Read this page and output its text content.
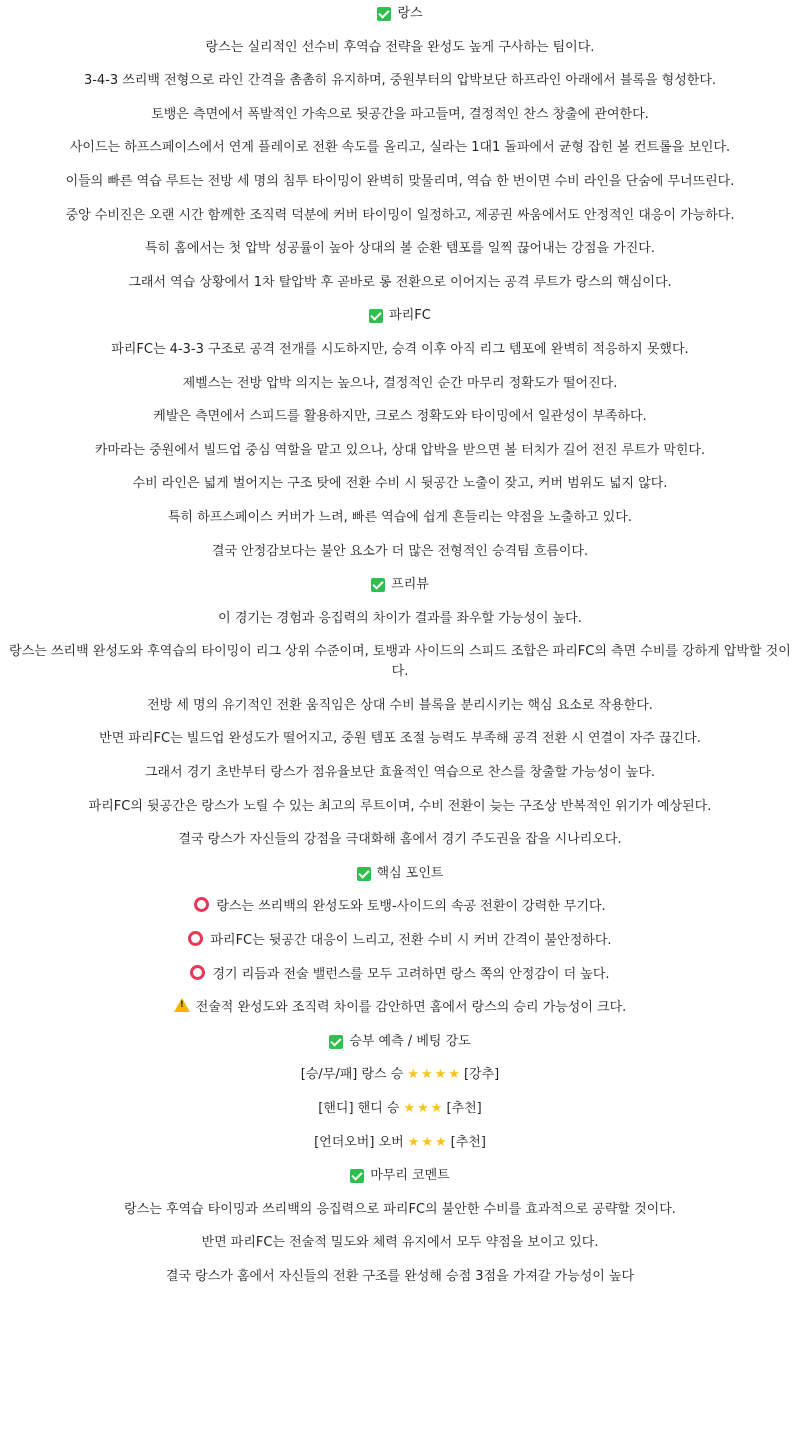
랑스
랑스는 실리적인 선수비 후역습 전략을 완성도 높게 구사하는 팀이다.
3-4-3 쓰리백 전형으로 라인 간격을 촘촘히 유지하며, 중원부터의 압박보단 하프라인 아래에서 블록을 형성한다.
토뱅은 측면에서 폭발적인 가속으로 뒷공간을 파고들며, 결정적인 찬스 창출에 관여한다.
사이드는 하프스페이스에서 연계 플레이로 전환 속도를 올리고, 실라는 1대1 돌파에서 균형 잡힌 볼 컨트롤을 보인다.
이들의 빠른 역습 루트는 전방 세 명의 침투 타이밍이 완벽히 맞물리며, 역습 한 번이면 수비 라인을 단숨에 무너뜨린다.
중앙 수비진은 오랜 시간 함께한 조직력 덕분에 커버 타이밍이 일정하고, 제공권 싸움에서도 안정적인 대응이 가능하다.
특히 홈에서는 첫 압박 성공률이 높아 상대의 볼 순환 템포를 일찍 끊어내는 강점을 가진다.
그래서 역습 상황에서 1차 탈압박 후 곧바로 롱 전환으로 이어지는 공격 루트가 랑스의 핵심이다.
파리FC
파리FC는 4-3-3 구조로 공격 전개를 시도하지만, 승격 이후 아직 리그 템포에 완벽히 적응하지 못했다.
제벨스는 전방 압박 의지는 높으나, 결정적인 순간 마무리 정확도가 떨어진다.
케발은 측면에서 스피드를 활용하지만, 크로스 정확도와 타이밍에서 일관성이 부족하다.
카마라는 중원에서 빌드업 중심 역할을 맡고 있으나, 상대 압박을 받으면 볼 터치가 길어 전진 루트가 막힌다.
수비 라인은 넓게 벌어지는 구조 탓에 전환 수비 시 뒷공간 노출이 잦고, 커버 범위도 넓지 않다.
특히 하프스페이스 커버가 느려, 빠른 역습에 쉽게 흔들리는 약점을 노출하고 있다.
결국 안정감보다는 불안 요소가 더 많은 전형적인 승격팀 흐름이다.
프리뷰
이 경기는 경험과 응집력의 차이가 결과를 좌우할 가능성이 높다.
랑스는 쓰리백 완성도와 후역습의 타이밍이 리그 상위 수준이며, 토뱅과 사이드의 스피드 조합은 파리FC의 측면 수비를 강하게 압박할 것이다.
전방 세 명의 유기적인 전환 움직임은 상대 수비 블록을 분리시키는 핵심 요소로 작용한다.
반면 파리FC는 빌드업 완성도가 떨어지고, 중원 템포 조절 능력도 부족해 공격 전환 시 연결이 자주 끊긴다.
그래서 경기 초반부터 랑스가 점유율보단 효율적인 역습으로 찬스를 창출할 가능성이 높다.
파리FC의 뒷공간은 랑스가 노릴 수 있는 최고의 루트이며, 수비 전환이 늦는 구조상 반복적인 위기가 예상된다.
결국 랑스가 자신들의 강점을 극대화해 홈에서 경기 주도권을 잡을 시나리오다.
핵심 포인트
랑스는 쓰리백의 완성도와 토뱅-사이드의 속공 전환이 강력한 무기다.
파리FC는 뒷공간 대응이 느리고, 전환 수비 시 커버 간격이 불안정하다.
경기 리듬과 전술 밸런스를 모두 고려하면 랑스 쪽의 안정감이 더 높다.
!전술적 완성도와 조직력 차이를 감안하면 홈에서 랑스의 승리 가능성이 크다.
승부 예측 / 베팅 강도
[승/무/패] 랑스 승 ★★★★ [강추]
[핸디] 핸디 승 ★★★ [추천]
[언더오버] 오버 ★★★ [추천]
마무리 코멘트
랑스는 후역습 타이밍과 쓰리백의 응집력으로 파리FC의 불안한 수비를 효과적으로 공략할 것이다.
반면 파리FC는 전술적 밀도와 체력 유지에서 모두 약점을 보이고 있다.
결국 랑스가 홈에서 자신들의 전환 구조를 완성해 승점 3점을 가져갈 가능성이 높다
